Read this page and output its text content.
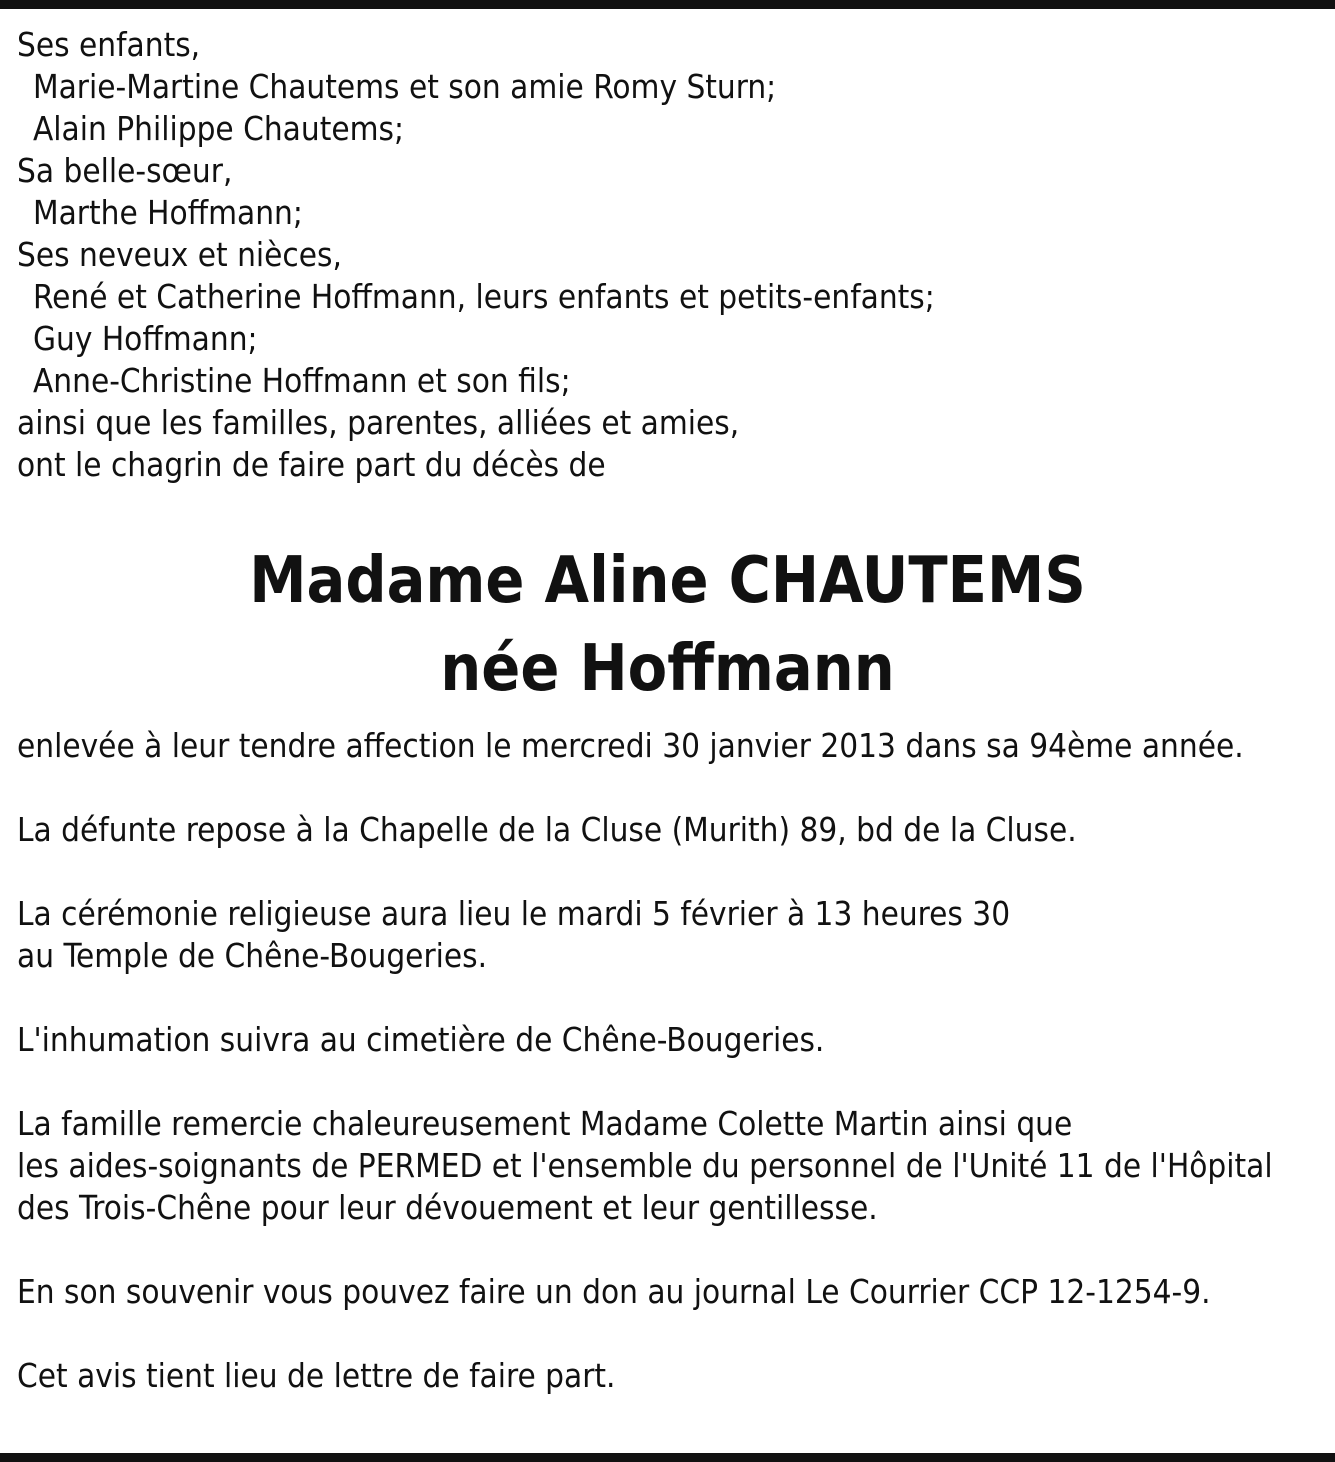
Ses enfants,
Marie-Martine Chautems et son amie Romy Sturn;
Alain Philippe Chautems;
Sa belle-sœur,
Marthe Hoffmann;
Ses neveux et nièces,
René et Catherine Hoffmann, leurs enfants et petits-enfants;
Guy Hoffmann;
Anne-Christine Hoffmann et son fils;
ainsi que les familles, parentes, alliées et amies,
ont le chagrin de faire part du décès de
Madame Aline CHAUTEMS
née Hoffmann
enlevée à leur tendre affection le mercredi 30 janvier 2013 dans sa 94ème année.
La défunte repose à la Chapelle de la Cluse (Murith) 89, bd de la Cluse.
La cérémonie religieuse aura lieu le mardi 5 février à 13 heures 30
au Temple de Chêne-Bougeries.
L'inhumation suivra au cimetière de Chêne-Bougeries.
La famille remercie chaleureusement Madame Colette Martin ainsi que
les aides-soignants de PERMED et l'ensemble du personnel de l'Unité 11 de l'Hôpital
des Trois-Chêne pour leur dévouement et leur gentillesse.
En son souvenir vous pouvez faire un don au journal Le Courrier CCP 12-1254-9.
Cet avis tient lieu de lettre de faire part.
